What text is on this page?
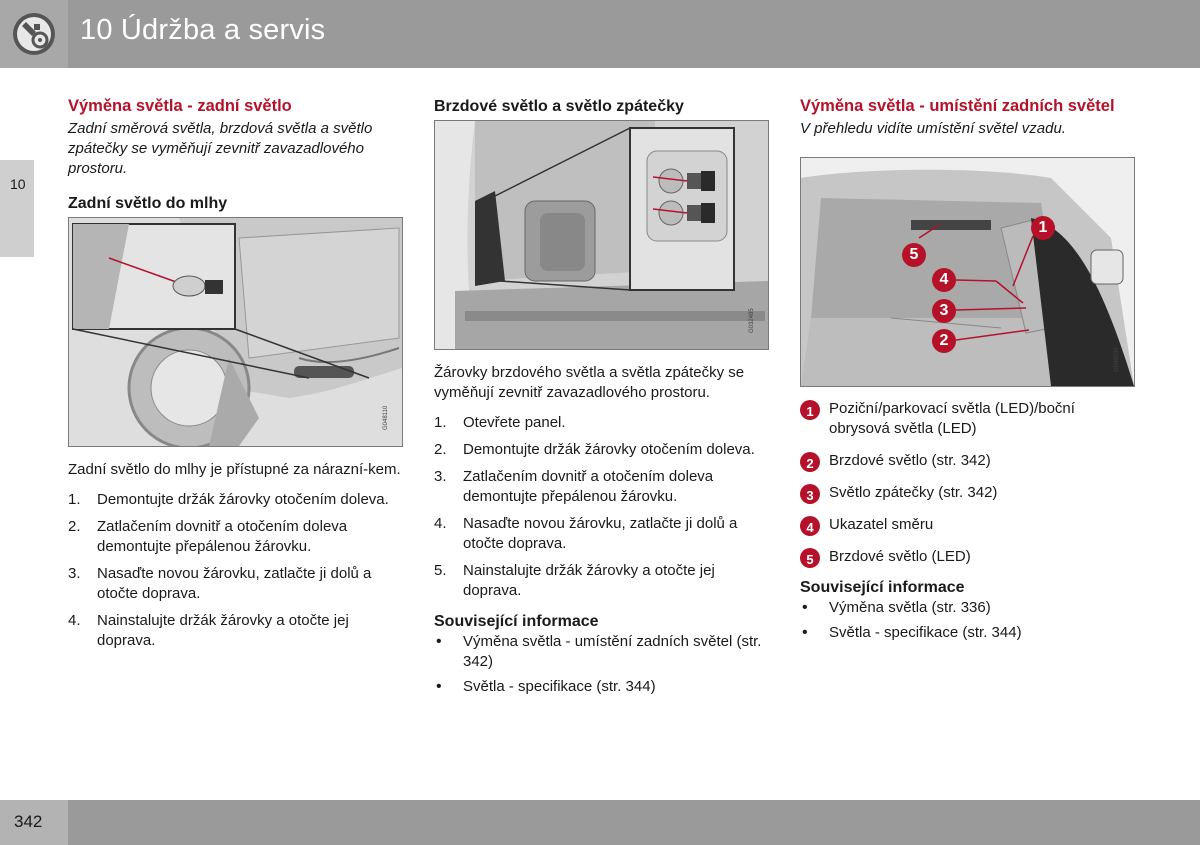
10 Údržba a servis
10
Výměna světla - zadní světlo

Zadní směrová světla, brzdová světla a světlo zpátečky se vyměňují zevnitř zavazadlového prostoru.

Zadní světlo do mlhy
G048110

Zadní světlo do mlhy je přístupné za nárazní-kem.

1. Demontujte držák žárovky otočením doleva.
2. Zatlačením dovnitř a otočením doleva demontujte přepálenou žárovku.
3. Nasaďte novou žárovku, zatlačte ji dolů a otočte doprava.
4. Nainstalujte držák žárovky a otočte jej doprava.
Brzdové světlo a světlo zpátečky
G032485

Žárovky brzdového světla a světla zpátečky se vyměňují zevnitř zavazadlového prostoru.

1. Otevřete panel.
2. Demontujte držák žárovky otočením doleva.
3. Zatlačením dovnitř a otočením doleva demontujte přepálenou žárovku.
4. Nasaďte novou žárovku, zatlačte ji dolů a otočte doprava.
5. Nainstalujte držák žárovky a otočte jej doprava.
Související informace
• Výměna světla - umístění zadních světel (str. 342)
• Světla - specifikace (str. 344)
Výměna světla - umístění zadních světel

V přehledu vidíte umístění světel vzadu.

1
2
3
4
5
G048036
1	Poziční/parkovací světla (LED)/boční obrysová světla (LED)
2	Brzdové světlo (str. 342)
3	Světlo zpátečky (str. 342)
4	Ukazatel směru
5	Brzdové světlo (LED)
Související informace
• Výměna světla (str. 336)
• Světla - specifikace (str. 344)
342
